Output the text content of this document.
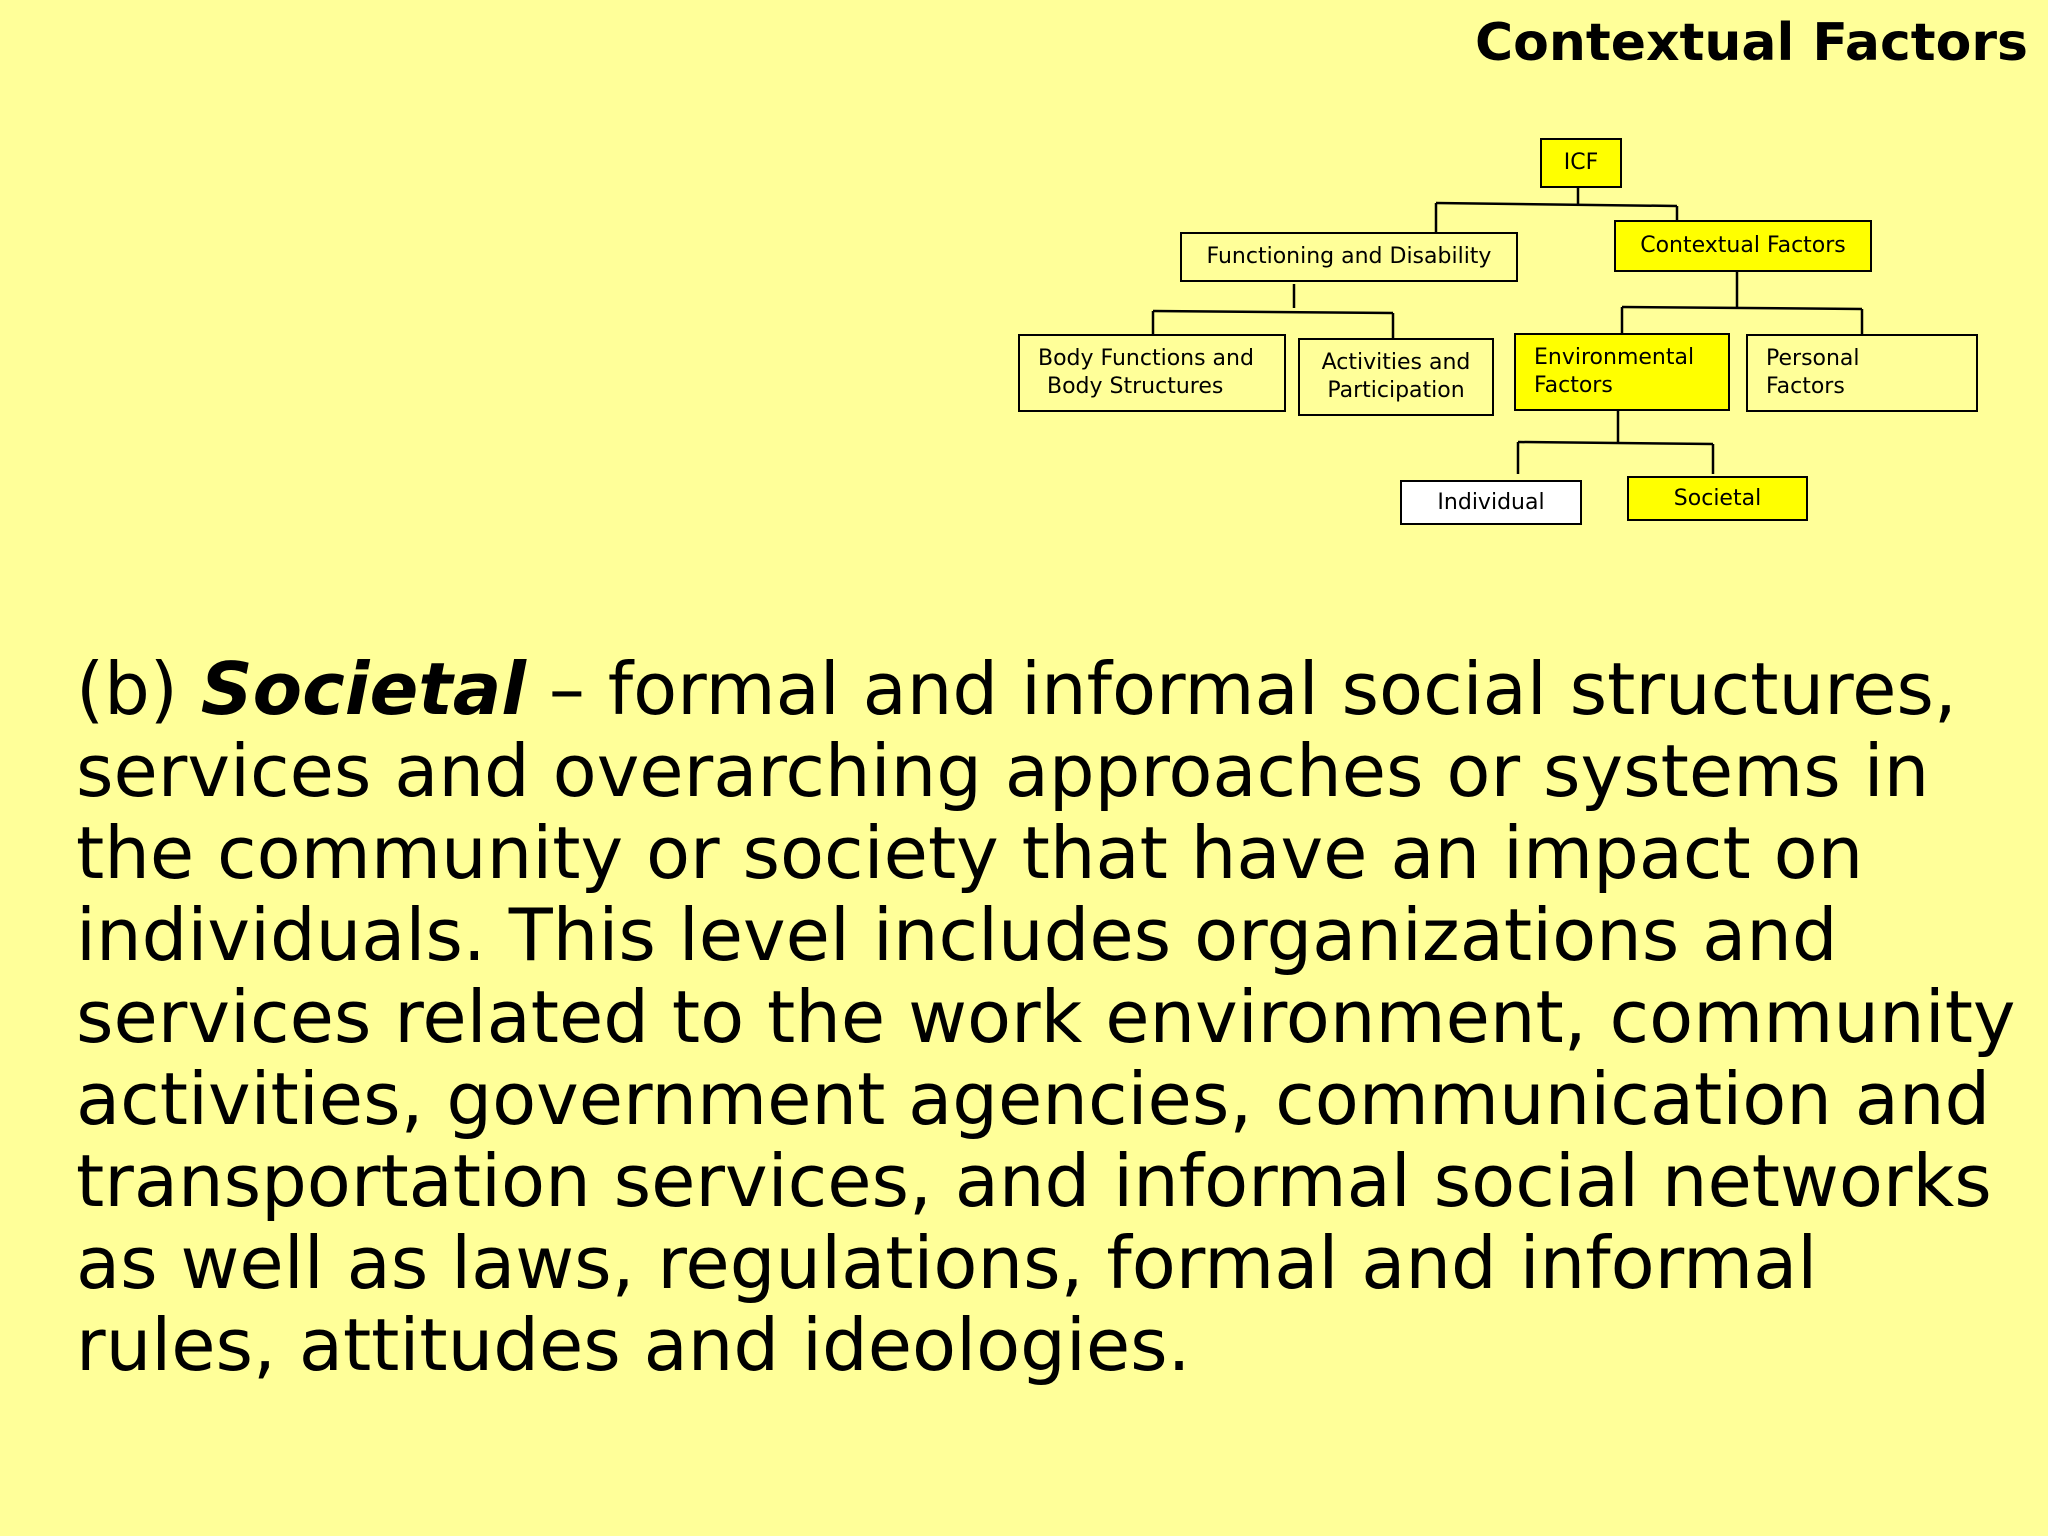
Contextual Factors
ICF
Functioning and Disability	Contextual Factors
Body Functions and
Body Structures
Activities and
Participation
Environmental
Factors
Personal
Factors
Individual	Societal

(b) Societal – formal and informal social structures, services and overarching approaches or systems in the community or society that have an impact on individuals. This level includes organizations and services related to the work environment, community activities, government agencies, communication and transportation services, and informal social networks as well as laws, regulations, formal and informal rules, attitudes and ideologies.
